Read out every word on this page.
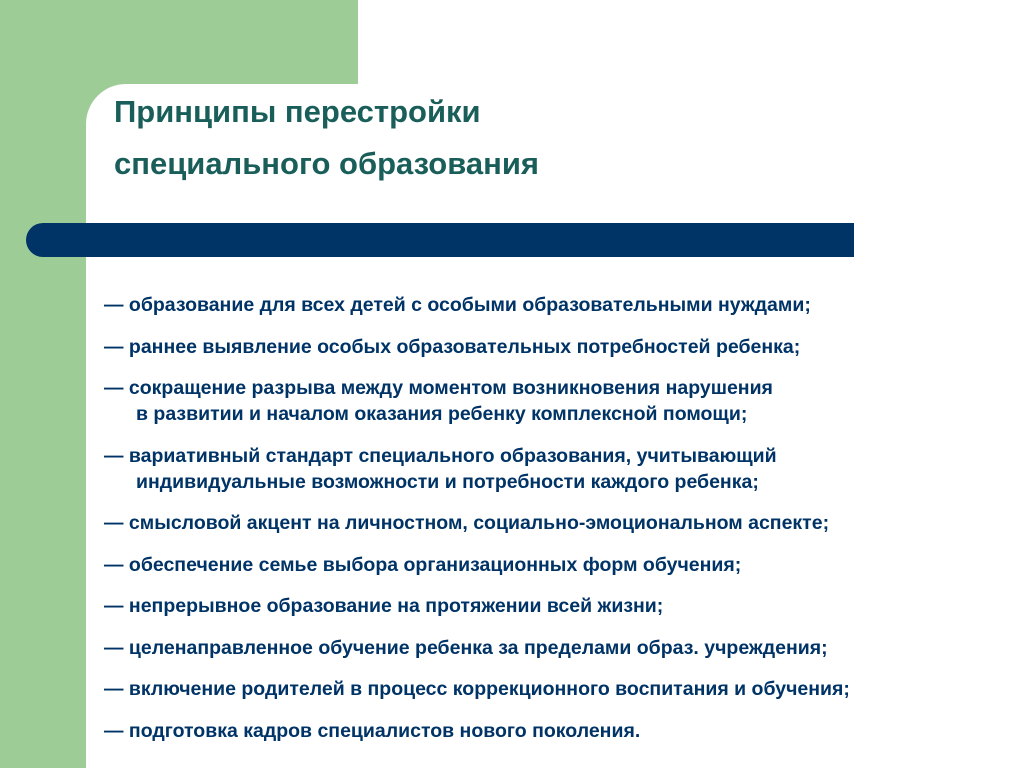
Принципы перестройки
специального образования
— образование для всех детей с особыми образовательными нуждами;
— раннее выявление особых образовательных потребностей ребенка;
— сокращение разрыва между моментом возникновения нарушения
в развитии и началом оказания ребенку комплексной помощи;
— вариативный стандарт специального образования, учитывающий
индивидуальные возможности и потребности каждого ребенка;
— смысловой акцент на личностном, социально-эмоциональном аспекте;
— обеспечение семье выбора организационных форм обучения;
— непрерывное образование на протяжении всей жизни;
— целенаправленное обучение ребенка за пределами образ. учреждения;
— включение родителей в процесс коррекционного воспитания и обучения;
— подготовка кадров специалистов нового поколения.
